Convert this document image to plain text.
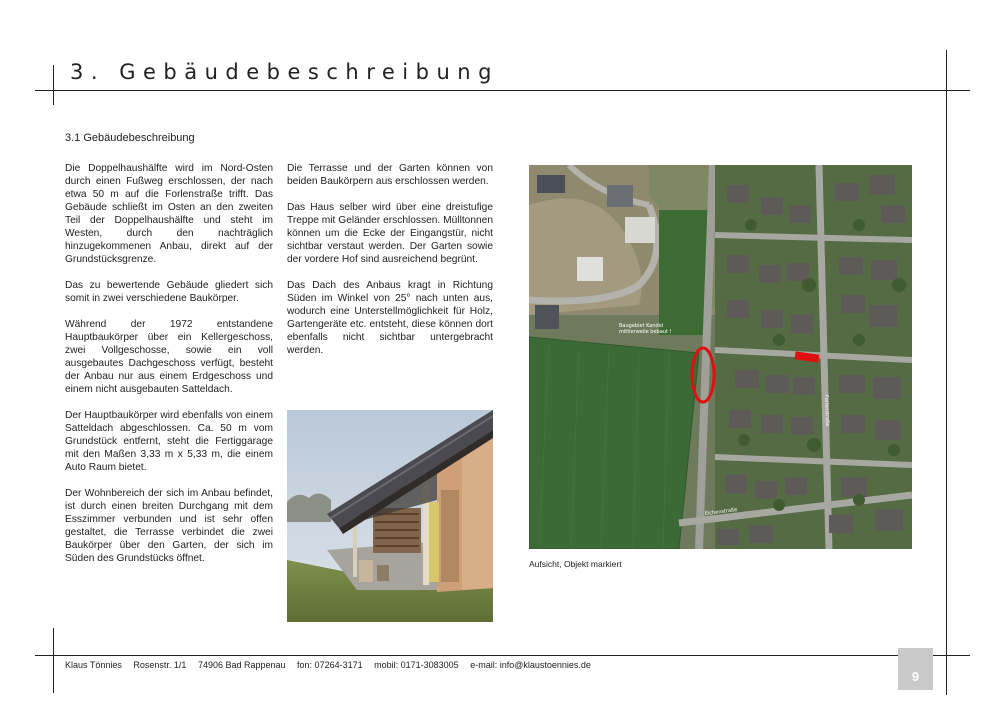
3. Gebäudebeschreibung
3.1 Gebäudebeschreibung

Die Doppelhaushälfte wird im Nord-Osten durch einen Fußweg erschlossen, der nach etwa 50 m auf die Forlenstraße trifft. Das Gebäude schließt im Osten an den zweiten Teil der Doppelhaushälfte und steht im Westen, durch den nachträglich hinzugekommenen Anbau, direkt auf der Grundstücksgrenze.

Das zu bewertende Gebäude gliedert sich somit in zwei verschiedene Baukörper.

Während der 1972 entstandene Hauptbaukörper über ein Kellergeschoss, zwei Vollgeschosse, sowie ein voll ausgebautes Dachgeschoss verfügt, besteht der Anbau nur aus einem Erdgeschoss und einem nicht ausgebauten Satteldach.

Der Hauptbaukörper wird ebenfalls von einem Satteldach abgeschlossen. Ca. 50 m vom Grundstück entfernt, steht die Fertiggarage mit den Maßen 3,33 m x 5,33 m, die einem Auto Raum bietet.

Der Wohnbereich der sich im Anbau befindet, ist durch einen breiten Durchgang mit dem Esszimmer verbunden und ist sehr offen gestaltet, die Terrasse verbindet die zwei Baukörper über den Garten, der sich im Süden des Grundstücks öffnet.

Die Terrasse und der Garten können von beiden Baukörpern aus erschlossen werden.

Das Haus selber wird über eine dreistufige Treppe mit Geländer erschlossen. Mülltonnen können um die Ecke der Eingangstür, nicht sichtbar verstaut werden. Der Garten sowie der vordere Hof sind ausreichend begrünt.

Das Dach des Anbaus kragt in Richtung Süden im Winkel von 25° nach unten aus, wodurch eine Unterstellmöglichkeit für Holz, Gartengeräte etc. entsteht, diese können dort ebenfalls nicht sichtbar untergebracht werden.

Baugebiet Kandel
mittlerweile bebaut !
Eichenstraße
Forlenstraße
Aufsicht, Objekt markiert
Klaus Tönnies Rosenstr. 1/1 74906 Bad Rappenau fon: 07264-3171 mobil: 0171-3083005 e-mail: info@klaustoennies.de
9
